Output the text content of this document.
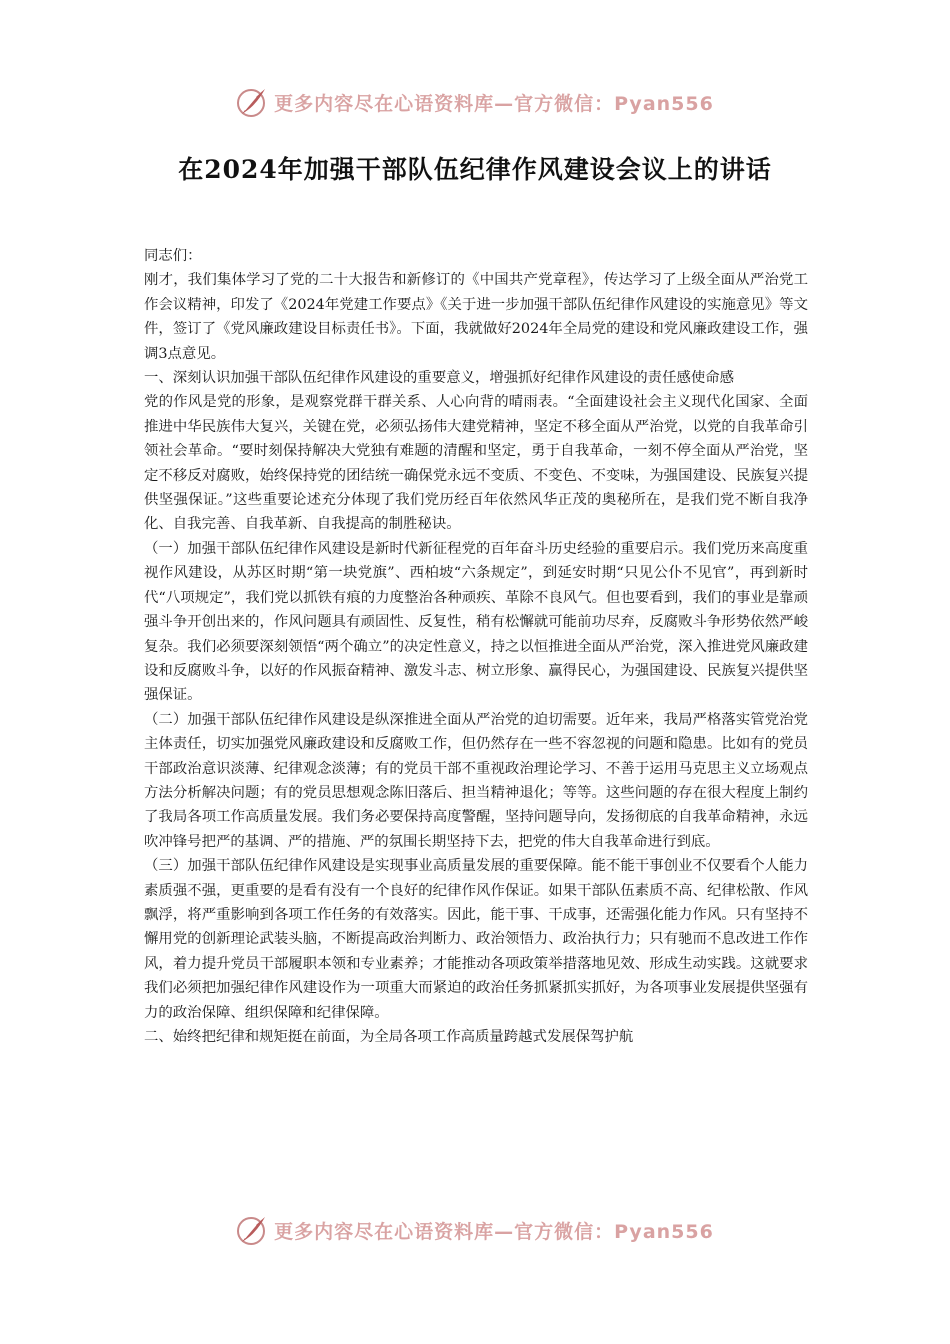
更多内容尽在心语资料库—官方微信：Pyan556
在2024年加强干部队伍纪律作风建设会议上的讲话

同志们：

刚才，我们集体学习了党的二十大报告和新修订的《中国共产党章程》，传达学习了上级全面从严治党工作会议精神，印发了《2024年党建工作要点》《关于进一步加强干部队伍纪律作风建设的实施意见》等文件，签订了《党风廉政建设目标责任书》。下面，我就做好2024年全局党的建设和党风廉政建设工作，强调3点意见。

一、深刻认识加强干部队伍纪律作风建设的重要意义，增强抓好纪律作风建设的责任感使命感

党的作风是党的形象，是观察党群干群关系、人心向背的晴雨表。“全面建设社会主义现代化国家、全面推进中华民族伟大复兴，关键在党，必须弘扬伟大建党精神，坚定不移全面从严治党，以党的自我革命引领社会革命。“要时刻保持解决大党独有难题的清醒和坚定，勇于自我革命，一刻不停全面从严治党，坚定不移反对腐败，始终保持党的团结统一确保党永远不变质、不变色、不变味，为强国建设、民族复兴提供坚强保证。”这些重要论述充分体现了我们党历经百年依然风华正茂的奥秘所在，是我们党不断自我净化、自我完善、自我革新、自我提高的制胜秘诀。

（一）加强干部队伍纪律作风建设是新时代新征程党的百年奋斗历史经验的重要启示。我们党历来高度重视作风建设，从苏区时期“第一块党旗”、西柏坡“六条规定”，到延安时期“只见公仆不见官”，再到新时代“八项规定”，我们党以抓铁有痕的力度整治各种顽疾、革除不良风气。但也要看到，我们的事业是靠顽强斗争开创出来的，作风问题具有顽固性、反复性，稍有松懈就可能前功尽弃，反腐败斗争形势依然严峻复杂。我们必须要深刻领悟“两个确立”的决定性意义，持之以恒推进全面从严治党，深入推进党风廉政建设和反腐败斗争，以好的作风振奋精神、激发斗志、树立形象、赢得民心，为强国建设、民族复兴提供坚强保证。

（二）加强干部队伍纪律作风建设是纵深推进全面从严治党的迫切需要。近年来，我局严格落实管党治党主体责任，切实加强党风廉政建设和反腐败工作，但仍然存在一些不容忽视的问题和隐患。比如有的党员干部政治意识淡薄、纪律观念淡薄；有的党员干部不重视政治理论学习、不善于运用马克思主义立场观点方法分析解决问题；有的党员思想观念陈旧落后、担当精神退化；等等。这些问题的存在很大程度上制约了我局各项工作高质量发展。我们务必要保持高度警醒，坚持问题导向，发扬彻底的自我革命精神，永远吹冲锋号把严的基调、严的措施、严的氛围长期坚持下去，把党的伟大自我革命进行到底。

（三）加强干部队伍纪律作风建设是实现事业高质量发展的重要保障。能不能干事创业不仅要看个人能力素质强不强，更重要的是看有没有一个良好的纪律作风作保证。如果干部队伍素质不高、纪律松散、作风飘浮，将严重影响到各项工作任务的有效落实。因此，能干事、干成事，还需强化能力作风。只有坚持不懈用党的创新理论武装头脑，不断提高政治判断力、政治领悟力、政治执行力；只有驰而不息改进工作作风，着力提升党员干部履职本领和专业素养；才能推动各项政策举措落地见效、形成生动实践。这就要求我们必须把加强纪律作风建设作为一项重大而紧迫的政治任务抓紧抓实抓好，为各项事业发展提供坚强有力的政治保障、组织保障和纪律保障。

二、始终把纪律和规矩挺在前面，为全局各项工作高质量跨越式发展保驾护航

更多内容尽在心语资料库—官方微信：Pyan556
